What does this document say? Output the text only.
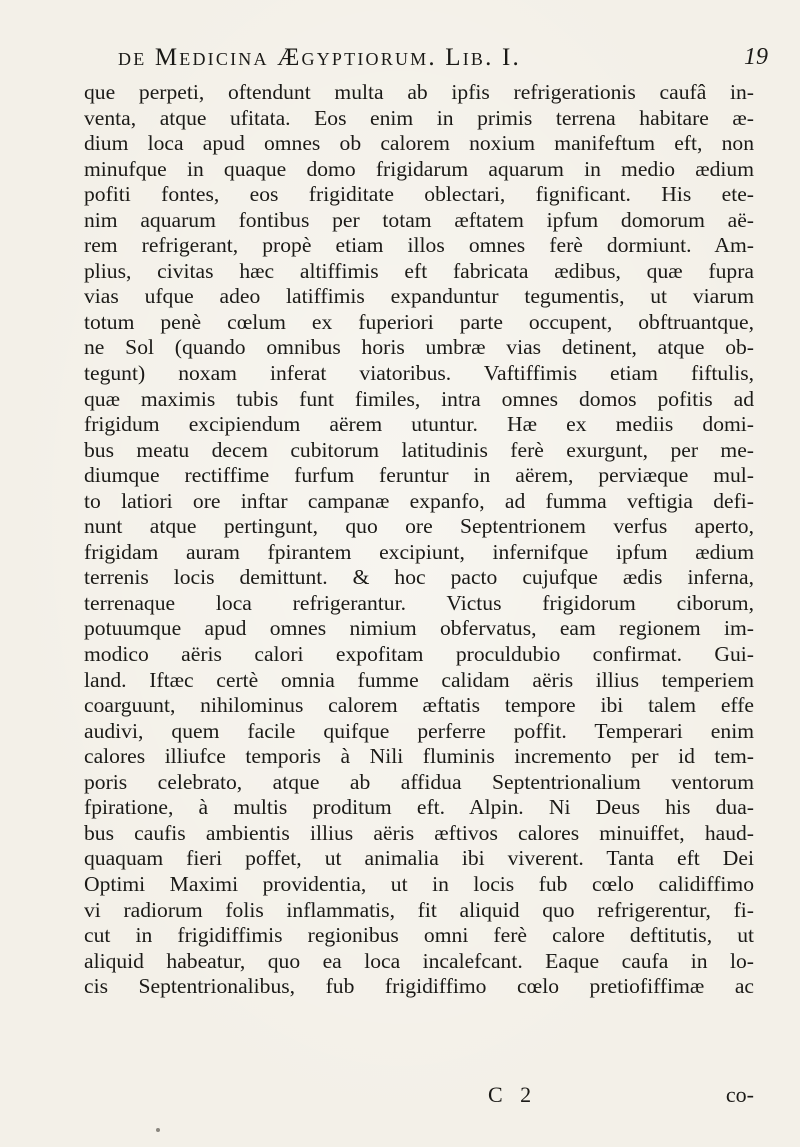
de Medicina Ægyptiorum. Lib. I.	19
que perpeti, oftendunt multa ab ipfis refrigerationis caufâ in-
venta, atque ufitata. Eos enim in primis terrena habitare æ-
dium loca apud omnes ob calorem noxium manifeftum eft, non
minufque in quaque domo frigidarum aquarum in medio ædium
pofiti fontes, eos frigiditate oblectari, fignificant. His ete-
nim aquarum fontibus per totam æftatem ipfum domorum aë-
rem refrigerant, propè etiam illos omnes ferè dormiunt. Am-
plius, civitas hæc altiffimis eft fabricata ædibus, quæ fupra
vias ufque adeo latiffimis expanduntur tegumentis, ut viarum
totum penè cœlum ex fuperiori parte occupent, obftruantque,
ne Sol (quando omnibus horis umbræ vias detinent, atque ob-
tegunt) noxam inferat viatoribus. Vaftiffimis etiam fiftulis,
quæ maximis tubis funt fimiles, intra omnes domos pofitis ad
frigidum excipiendum aërem utuntur. Hæ ex mediis domi-
bus meatu decem cubitorum latitudinis ferè exurgunt, per me-
diumque rectiffime furfum feruntur in aërem, perviæque mul-
to latiori ore inftar campanæ expanfo, ad fumma veftigia defi-
nunt atque pertingunt, quo ore Septentrionem verfus aperto,
frigidam auram fpirantem excipiunt, infernifque ipfum ædium
terrenis locis demittunt. & hoc pacto cujufque ædis inferna,
terrenaque loca refrigerantur. Victus frigidorum ciborum,
potuumque apud omnes nimium obfervatus, eam regionem im-
modico aëris calori expofitam proculdubio confirmat. Gui-
land. Iftæc certè omnia fumme calidam aëris illius temperiem
coarguunt, nihilominus calorem æftatis tempore ibi talem effe
audivi, quem facile quifque perferre poffit. Temperari enim
calores illiufce temporis à Nili fluminis incremento per id tem-
poris celebrato, atque ab affidua Septentrionalium ventorum
fpiratione, à multis proditum eft. Alpin. Ni Deus his dua-
bus caufis ambientis illius aëris æftivos calores minuiffet, haud-
quaquam fieri poffet, ut animalia ibi viverent. Tanta eft Dei
Optimi Maximi providentia, ut in locis fub cœlo calidiffimo
vi radiorum folis inflammatis, fit aliquid quo refrigerentur, fi-
cut in frigidiffimis regionibus omni ferè calore deftitutis, ut
aliquid habeatur, quo ea loca incalefcant. Eaque caufa in lo-
cis Septentrionalibus, fub frigidiffimo cœlo pretiofiffimæ ac
C 2	co-
